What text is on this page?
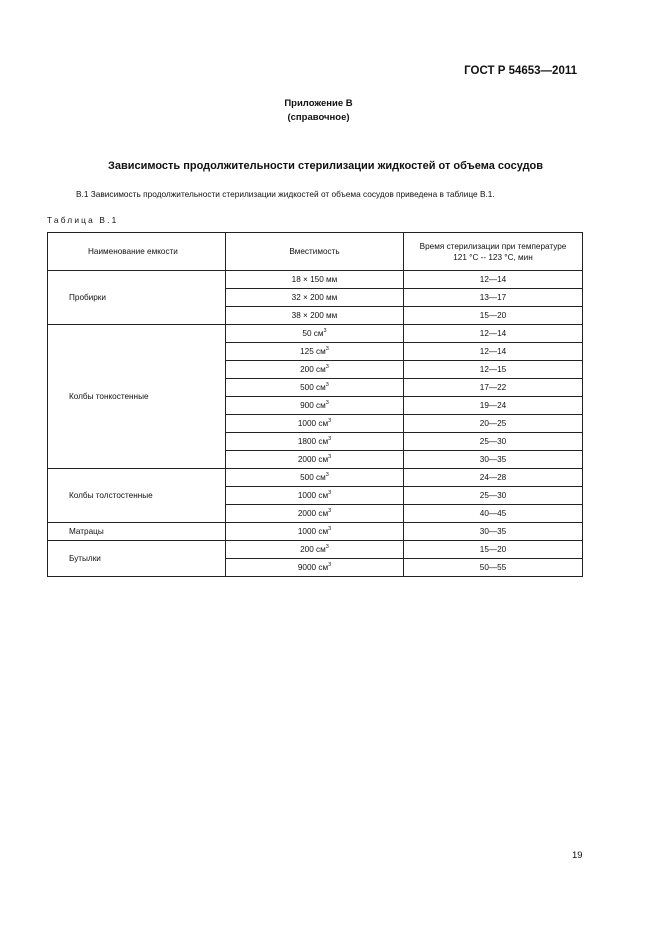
ГОСТ Р 54653—2011
Приложение В
(справочное)
Зависимость продолжительности стерилизации жидкостей от объема сосудов
В.1 Зависимость продолжительности стерилизации жидкостей от объема сосудов приведена в таблице В.1.
Таблица В.1
Наименование емкости	Вместимость	Время стерилизации при температуре
121 °С -- 123 °С, мин

Пробирки	18 × 150 мм	12—14
	32 × 200 мм	13—17
	38 × 200 мм	15—20
Колбы тонкостенные	50 $см^3$	12—14
	125 $см^3$	12—14
	200 $см^3$	12—15
	500 $см^3$	17—22
	900 $см^3$	19—24
	1000 $см^3$	20—25
	1800 $см^3$	25—30
	2000 $см^3$	30—35
Колбы толстостенные	500 $см^3$	24—28
	1000 $см^3$	25—30
	2000 $см^3$	40—45
Матрацы	1000 $см^3$	30—35
Бутылки	200 $см^3$	15—20
	9000 $см^3$	50—55
19
